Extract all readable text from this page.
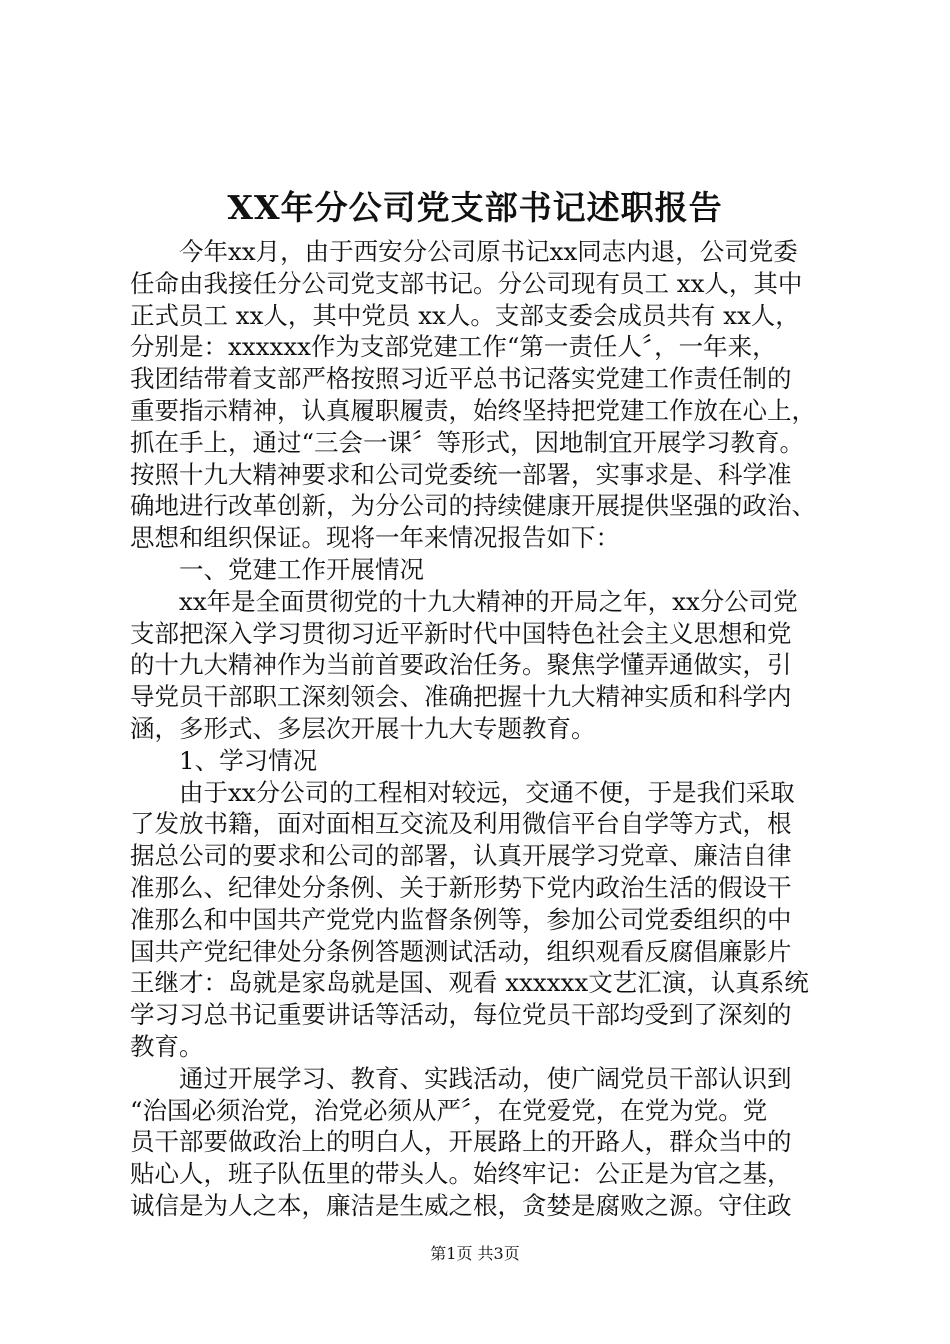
XX年分公司党支部书记述职报告

　　今年xx月，由于西安分公司原书记xx同志内退，公司党委

任命由我接任分公司党支部书记。分公司现有员工 xx人，其中

正式员工 xx人，其中党员 xx人。支部支委会成员共有 xx人，

分别是：xxxxxx作为支部党建工作“第一责任人〞，一年来，

我团结带着支部严格按照习近平总书记落实党建工作责任制的

重要指示精神，认真履职履责，始终坚持把党建工作放在心上，

抓在手上，通过“三会一课〞等形式，因地制宜开展学习教育。

按照十九大精神要求和公司党委统一部署，实事求是、科学准

确地进行改革创新，为分公司的持续健康开展提供坚强的政治、

思想和组织保证。现将一年来情况报告如下：

　　一、党建工作开展情况

　　xx年是全面贯彻党的十九大精神的开局之年，xx分公司党

支部把深入学习贯彻习近平新时代中国特色社会主义思想和党

的十九大精神作为当前首要政治任务。聚焦学懂弄通做实，引

导党员干部职工深刻领会、准确把握十九大精神实质和科学内

涵，多形式、多层次开展十九大专题教育。

　　1、学习情况

　　由于xx分公司的工程相对较远，交通不便，于是我们采取

了发放书籍，面对面相互交流及利用微信平台自学等方式，根

据总公司的要求和公司的部署，认真开展学习党章、廉洁自律

准那么、纪律处分条例、关于新形势下党内政治生活的假设干

准那么和中国共产党党内监督条例等，参加公司党委组织的中

国共产党纪律处分条例答题测试活动，组织观看反腐倡廉影片

王继才：岛就是家岛就是国、观看 xxxxxx文艺汇演，认真系统

学习习总书记重要讲话等活动，每位党员干部均受到了深刻的

教育。

　　通过开展学习、教育、实践活动，使广阔党员干部认识到

“治国必须治党，治党必须从严〞，在党爱党，在党为党。党

员干部要做政治上的明白人，开展路上的开路人，群众当中的

贴心人，班子队伍里的带头人。始终牢记：公正是为官之基，

诚信是为人之本，廉洁是生威之根，贪婪是腐败之源。守住政

第1页 共3页
